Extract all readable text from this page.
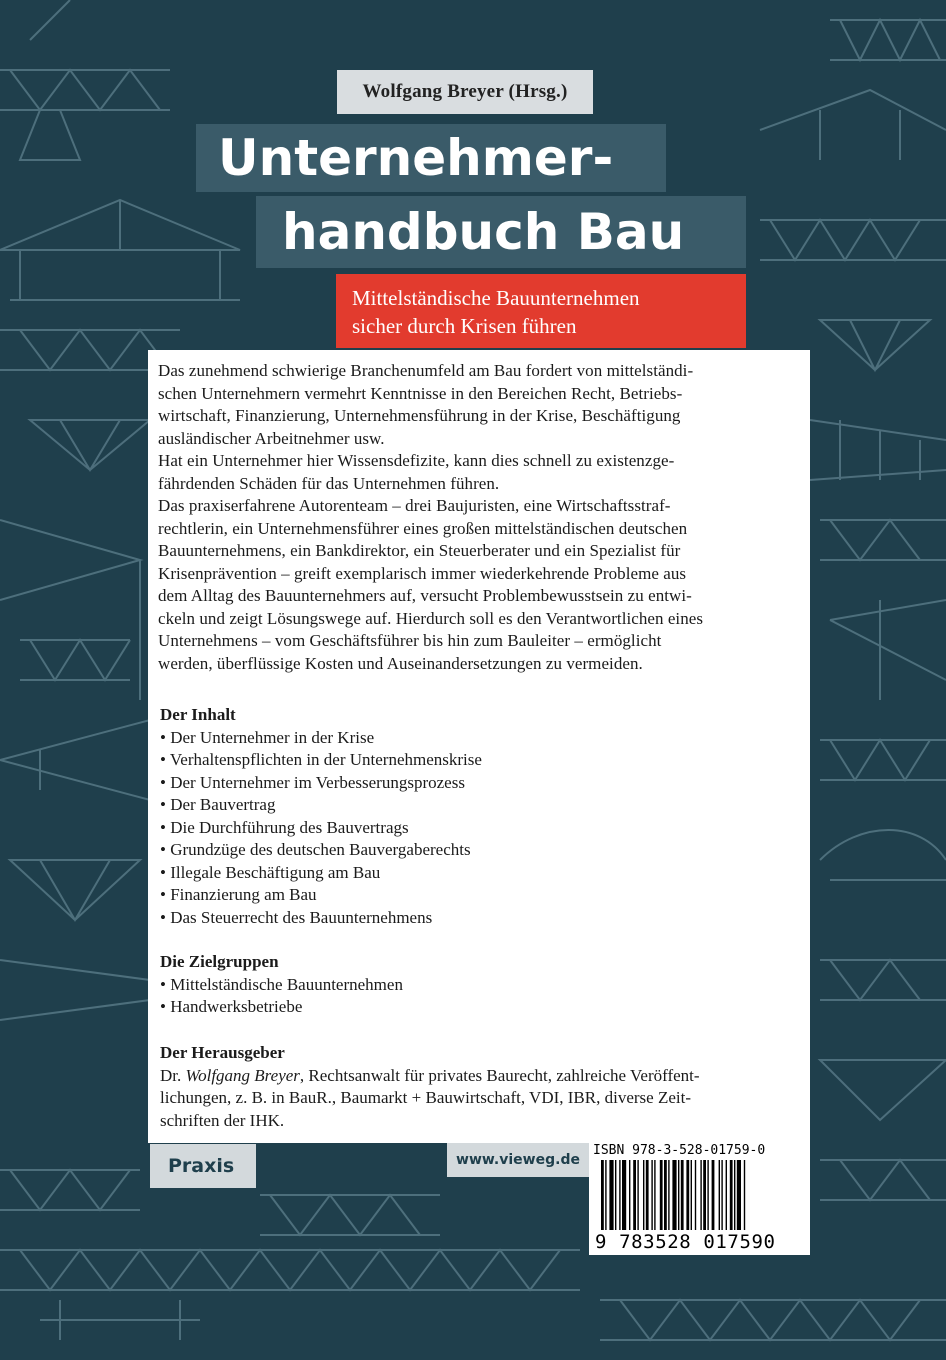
Wolfgang Breyer (Hrsg.)
Unternehmer-
handbuch Bau
Mittelständische Bauunternehmen
sicher durch Krisen führen
Das zunehmend schwierige Branchenumfeld am Bau fordert von mittelständi-
schen Unternehmern vermehrt Kenntnisse in den Bereichen Recht, Betriebs-
wirtschaft, Finanzierung, Unternehmensführung in der Krise, Beschäftigung
ausländischer Arbeitnehmer usw.
Hat ein Unternehmer hier Wissensdefizite, kann dies schnell zu existenzge-
fährdenden Schäden für das Unternehmen führen.
Das praxiserfahrene Autorenteam – drei Baujuristen, eine Wirtschaftsstraf-
rechtlerin, ein Unternehmensführer eines großen mittelständischen deutschen
Bauunternehmens, ein Bankdirektor, ein Steuerberater und ein Spezialist für
Krisenprävention – greift exemplarisch immer wiederkehrende Probleme aus
dem Alltag des Bauunternehmers auf, versucht Problembewusstsein zu entwi-
ckeln und zeigt Lösungswege auf. Hierdurch soll es den Verantwortlichen eines
Unternehmens – vom Geschäftsführer bis hin zum Bauleiter – ermöglicht
werden, überflüssige Kosten und Auseinandersetzungen zu vermeiden.
Der Inhalt
• Der Unternehmer in der Krise
• Verhaltenspflichten in der Unternehmenskrise
• Der Unternehmer im Verbesserungsprozess
• Der Bauvertrag
• Die Durchführung des Bauvertrags
• Grundzüge des deutschen Bauvergaberechts
• Illegale Beschäftigung am Bau
• Finanzierung am Bau
• Das Steuerrecht des Bauunternehmens
Die Zielgruppen
• Mittelständische Bauunternehmen
• Handwerksbetriebe
Der Herausgeber
Dr. Wolfgang Breyer, Rechtsanwalt für privates Baurecht, zahlreiche Veröffent-
lichungen, z. B. in BauR., Baumarkt + Bauwirtschaft, VDI, IBR, diverse Zeit-
schriften der IHK.
Praxis	www.vieweg.de
ISBN 978-3-528-01759-0
9 783528 017590
